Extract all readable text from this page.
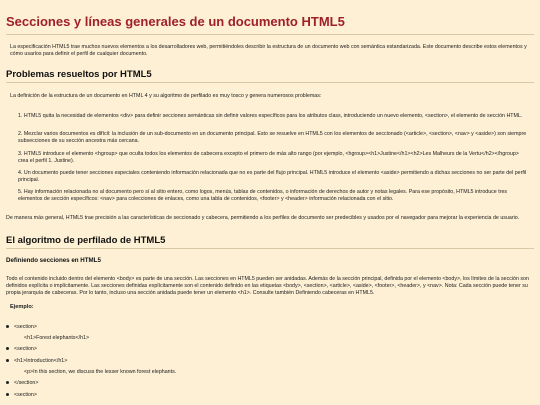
Secciones y líneas generales de un documento HTML5
La especificación HTML5 trae muchos nuevos elementos a los desarrolladores web, permitiéndoles describir la estructura de un documento web con semántica estandarizada. Este documento describe estos elementos y cómo usarlos para definir el perfil de cualquier documento.
Problemas resueltos por HTML5
La definición de la estructura de un documento en HTML 4 y su algoritmo de perfilado es muy tosco y genera numerosos problemas:
1. HTML5 quita la necesidad de elementos <div> para definir secciones semánticas sin definir valores específicos para los atributos class, introduciendo un nuevo elemento, <section>, el elemento de sección HTML.
2. Mezclar varios documentos es difícil: la inclusión de un sub-documento en un documento principal. Esto se resuelve en HTML5 con los elementos de seccionado (<article>, <section>, <nav> y <aside>) son siempre subsecciones de su sección ancestra más cercana.
3. HTML5 introduce el elemento <hgroup> que oculta todos los elementos de cabecera excepto el primero de más alto rango (por ejemplo, <hgroup><h1>Justine</h1><h2>Les Malheurs de la Vertu</h2></hgroup> crea el perfil 1. Justine).
4. Un documento puede tener secciones especiales conteniendo información relacionada que no es parte del flujo principal. HTML5 introduce el elemento <aside> permitiendo a dichas secciones no ser parte del perfil principal.
5. Hay información relacionada no al documento pero sí al sitio entero, como logos, menús, tablas de contenidos, o información de derechos de autor y notas legales. Para ese propósito, HTML5 introduce tres elementos de sección específicos: <nav> para colecciones de enlaces, como una tabla de contenidos, <footer> y <header> información relacionada con el sitio.
De manera más general, HTML5 trae precisión a las características de seccionado y cabecera, permitiendo a los perfiles de documento ser predecibles y usados por el navegador para mejorar la experiencia de usuario.
El algoritmo de perfilado de HTML5
Definiendo secciones en HTML5
Todo el contenido incluido dentro del elemento <body> es parte de una sección. Las secciones en HTML5 pueden ser anidadas. Además de la sección principal, definida por el elemento <body>, los límites de la sección son definidos explícita o implícitamente. Las secciones definidas explícitamente son el contenido definido en las etiquetas <body>, <section>, <article>, <aside>, <footer>, <header>, y <nav>. Nota: Cada sección puede tener su propia jerarquía de cabeceras. Por lo tanto, incluso una sección anidada puede tener un elemento <h1>. Consulte también Definiendo cabeceras en HTML5.
Ejemplo:
<section>
<h1>Forest elephants</h1>
<section>
<h1>Introduction</h1>
<p>In this section, we discuss the lesser known forest elephants.
</section>
<section>
